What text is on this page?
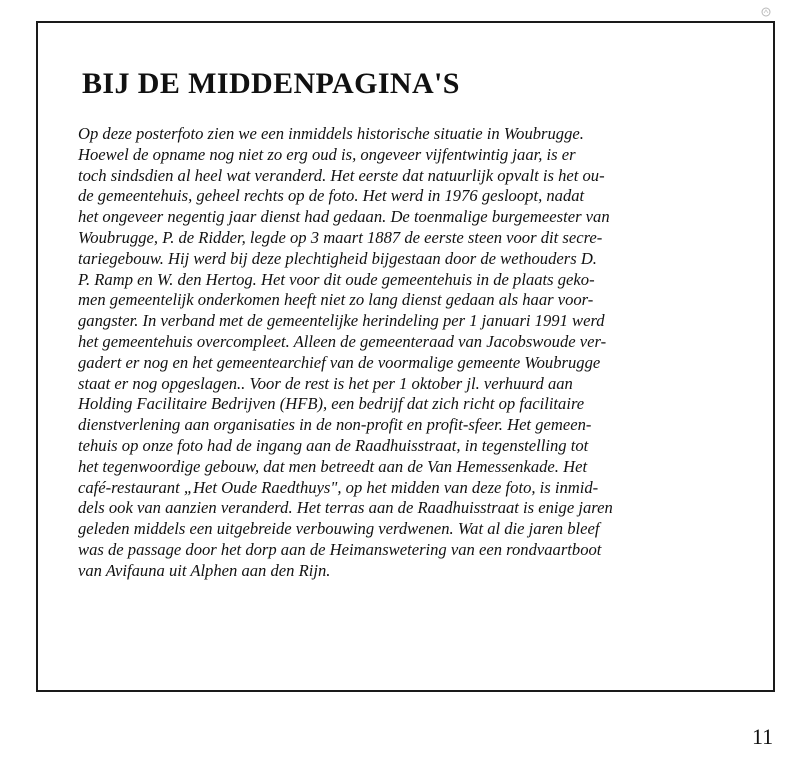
BIJ DE MIDDENPAGINA'S
Op deze posterfoto zien we een inmiddels historische situatie in Woubrugge.
Hoewel de opname nog niet zo erg oud is, ongeveer vijfentwintig jaar, is er
toch sindsdien al heel wat veranderd. Het eerste dat natuurlijk opvalt is het ou-
de gemeentehuis, geheel rechts op de foto. Het werd in 1976 gesloopt, nadat
het ongeveer negentig jaar dienst had gedaan. De toenmalige burgemeester van
Woubrugge, P. de Ridder, legde op 3 maart 1887 de eerste steen voor dit secre-
tariegebouw. Hij werd bij deze plechtigheid bijgestaan door de wethouders D.
P. Ramp en W. den Hertog. Het voor dit oude gemeentehuis in de plaats geko-
men gemeentelijk onderkomen heeft niet zo lang dienst gedaan als haar voor-
gangster. In verband met de gemeentelijke herindeling per 1 januari 1991 werd
het gemeentehuis overcompleet. Alleen de gemeenteraad van Jacobswoude ver-
gadert er nog en het gemeentearchief van de voormalige gemeente Woubrugge
staat er nog opgeslagen.. Voor de rest is het per 1 oktober jl. verhuurd aan
Holding Facilitaire Bedrijven (HFB), een bedrijf dat zich richt op facilitaire
dienstverlening aan organisaties in de non-profit en profit-sfeer. Het gemeen-
tehuis op onze foto had de ingang aan de Raadhuisstraat, in tegenstelling tot
het tegenwoordige gebouw, dat men betreedt aan de Van Hemessenkade. Het
café-restaurant „Het Oude Raedthuys", op het midden van deze foto, is inmid-
dels ook van aanzien veranderd. Het terras aan de Raadhuisstraat is enige jaren
geleden middels een uitgebreide verbouwing verdwenen. Wat al die jaren bleef
was de passage door het dorp aan de Heimanswetering van een rondvaartboot
van Avifauna uit Alphen aan den Rijn.
11
